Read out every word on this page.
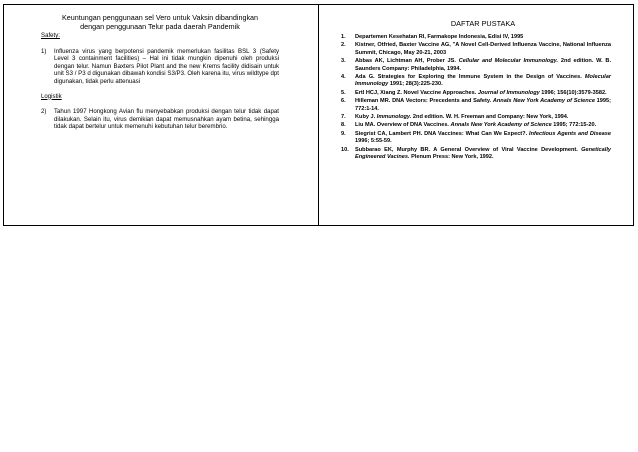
Keuntungan penggunaan sel Vero untuk Vaksin dibandingkan dengan penggunaan Telur pada daerah Pandemik
Safety:
1)	Influenza virus yang berpotensi pandemik memerlukan fasilitas BSL 3 (Safety Level 3 containment facilities) – Hal ini tidak mungkin dipenuhi oleh produksi dengan telur. Namun Baxters Pilot Plant and the new Krems facility didisain untuk unit S3 / P3 d digunakan dibawah kondisi S3/P3. Oleh karena itu, virus wildtype dpt digunakan, tidak perlu attenuasi
Logistik
2)	Tahun 1997 Hongkong Avian flu menyebabkan produksi dengan telur tidak dapat dilakukan. Selain itu, virus demikian dapat memusnahkan ayam betina, sehingga tidak dapat bertelur untuk memenuhi kebutuhan telur berembrio.
DAFTAR PUSTAKA
1.	Departemen Kesehatan RI, Farmakope Indonesia, Edisi IV, 1995
2.	Kistner, Otfried, Baxter Vaccine AG, "A Novel Cell-Derived Influenza Vaccine, National Influenza Summit, Chicago, May 20-21, 2003
3.	Abbas AK, Lichtman AH, Prober JS. Cellular and Molecular Immunology. 2nd edition. W. B. Saunders Company: Philadelphia, 1994.
4.	Ada G. Strategies for Exploring the Immune System in the Design of Vaccines. Molecular Immunology 1991; 28(3):225-230.
5.	Ertl HCJ, Xiang Z. Novel Vaccine Approaches. Journal of Immunology 1996; 156(10):3579-3582.
6.	Hilleman MR. DNA Vectors: Precedents and Safety. Annals New York Academy of Science 1995; 772:1-14.
7.	Kuby J. Immunology. 2nd edition. W. H. Freeman and Company: New York, 1994.
8.	Liu MA. Overview of DNA Vaccines. Annals New York Academy of Science 1995; 772:15-20.
9.	Siegrist CA, Lambert PH. DNA Vaccines: What Can We Expect?. Infectious Agents and Disease 1996; 5:55-59.
10.	Subbarao EK, Murphy BR. A General Overview of Viral Vaccine Development. Genetically Engineered Vacines. Plenum Press: New York, 1992.
